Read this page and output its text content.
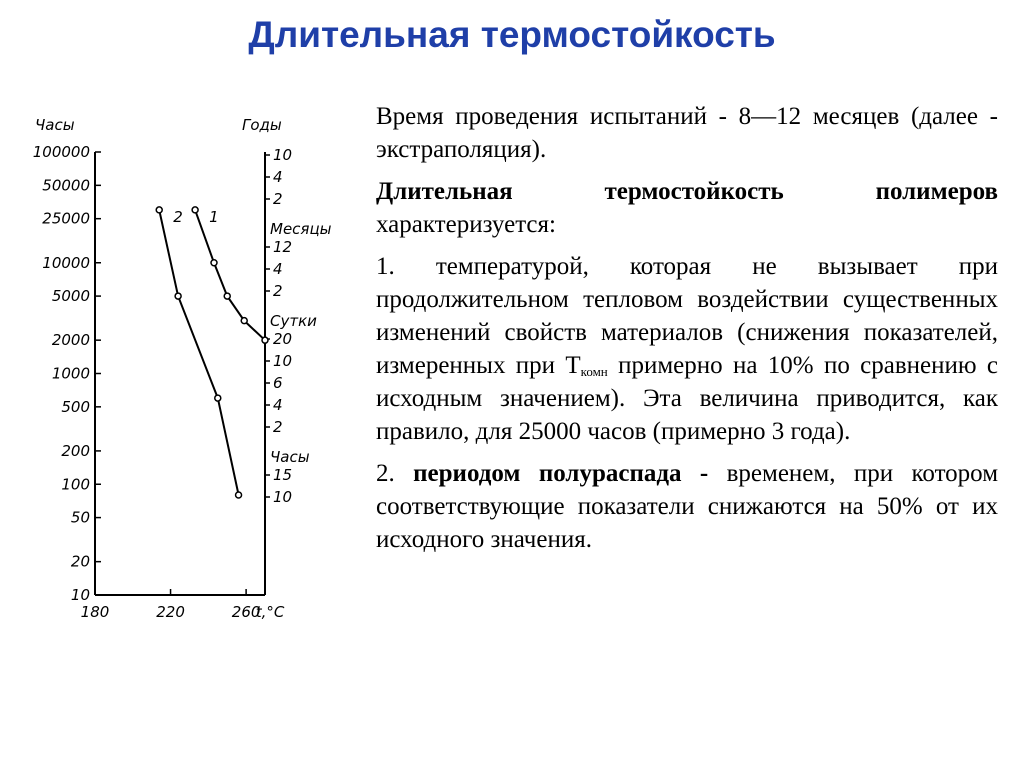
Длительная термостойкость
Часы	Годы
100000
50000
25000
10000
5000
2000
1000
500
200
100
50
20
10
180	220	260
t,°C
10
4
2
Месяцы
12
4
2
Сутки
20
10
6
4
2
Часы
15
10
1
2

Время проведения испытаний - 8—12 месяцев (далее - экстраполяция).

Длительная термостойкость полимеров характеризуется:

1. температурой, которая не вызывает при продолжительном тепловом воздействии существенных изменений свойств материалов (снижения показателей, измеренных при $Т_{комн}$ примерно на 10% по сравнению с исходным значением). Эта величина приводится, как правило, для 25000 часов (примерно 3 года).

2. периодом полураспада - временем, при котором соответствующие показатели снижаются на 50% от их исходного значения.
